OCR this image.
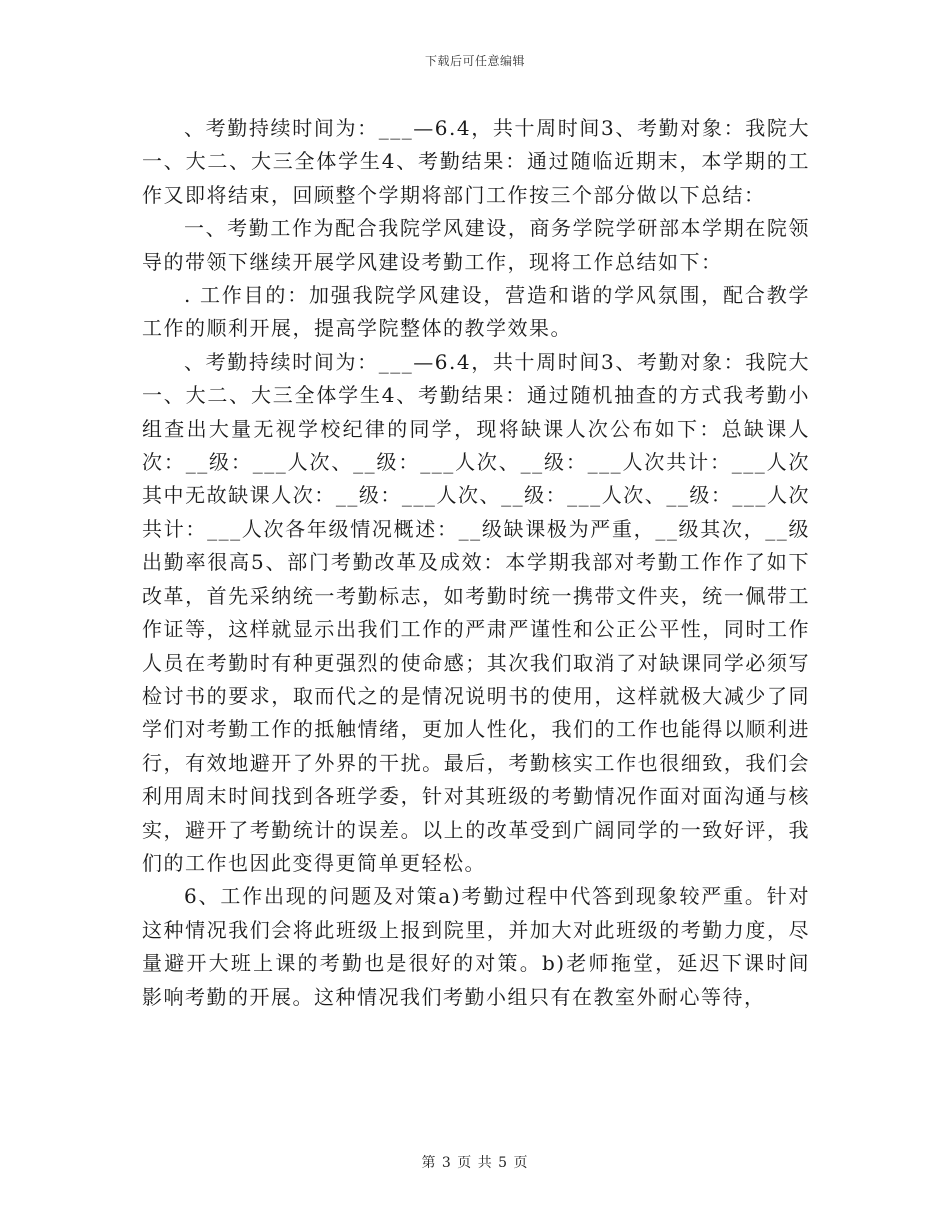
下载后可任意编辑

、考勤持续时间为：___—6.4，共十周时间3、考勤对象：我院大一、大二、大三全体学生4、考勤结果：通过随临近期末，本学期的工作又即将结束，回顾整个学期将部门工作按三个部分做以下总结：

一、考勤工作为配合我院学风建设，商务学院学研部本学期在院领导的带领下继续开展学风建设考勤工作，现将工作总结如下：

. 工作目的：加强我院学风建设，营造和谐的学风氛围，配合教学工作的顺利开展，提高学院整体的教学效果。

、考勤持续时间为：___—6.4，共十周时间3、考勤对象：我院大一、大二、大三全体学生4、考勤结果：通过随机抽查的方式我考勤小组查出大量无视学校纪律的同学，现将缺课人次公布如下：总缺课人次：__级：___人次、__级：___人次、__级：___人次共计：___人次其中无故缺课人次：__级：___人次、__级：___人次、__级：___人次共计：___人次各年级情况概述：__级缺课极为严重，__级其次，__级出勤率很高5、部门考勤改革及成效：本学期我部对考勤工作作了如下改革，首先采纳统一考勤标志，如考勤时统一携带文件夹，统一佩带工作证等，这样就显示出我们工作的严肃严谨性和公正公平性，同时工作人员在考勤时有种更强烈的使命感；其次我们取消了对缺课同学必须写检讨书的要求，取而代之的是情况说明书的使用，这样就极大减少了同学们对考勤工作的抵触情绪，更加人性化，我们的工作也能得以顺利进行，有效地避开了外界的干扰。最后，考勤核实工作也很细致，我们会利用周末时间找到各班学委，针对其班级的考勤情况作面对面沟通与核实，避开了考勤统计的误差。以上的改革受到广阔同学的一致好评，我们的工作也因此变得更简单更轻松。

6、工作出现的问题及对策a)考勤过程中代答到现象较严重。针对这种情况我们会将此班级上报到院里，并加大对此班级的考勤力度，尽量避开大班上课的考勤也是很好的对策。b)老师拖堂，延迟下课时间影响考勤的开展。这种情况我们考勤小组只有在教室外耐心等待，

第 3 页 共 5 页
